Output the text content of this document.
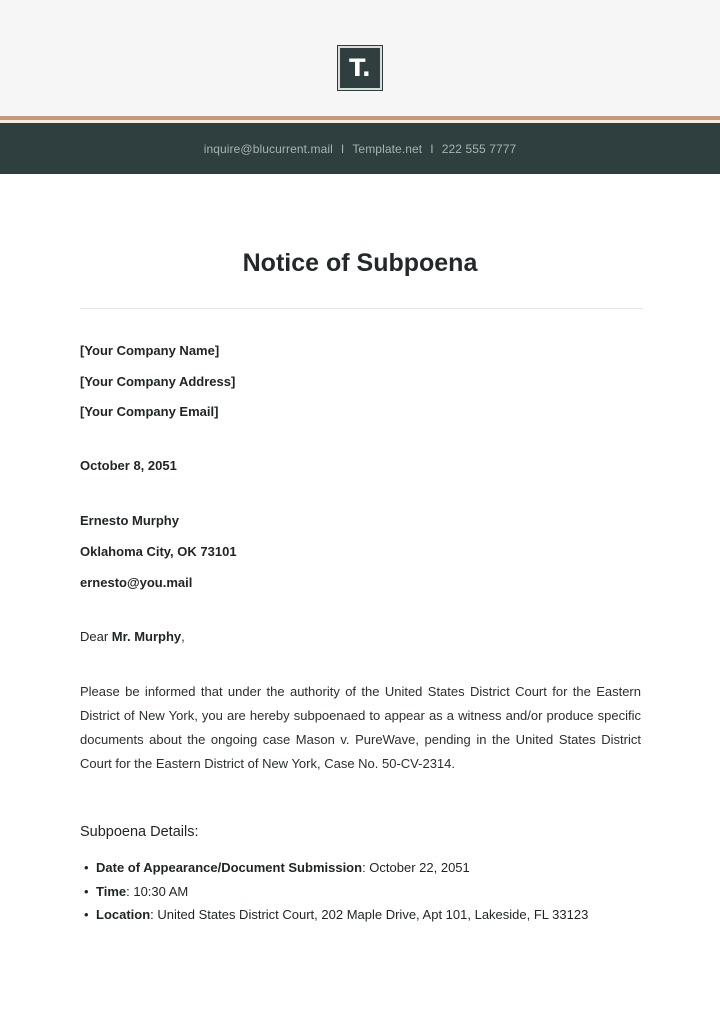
T.
inquire@blucurrent.mail I Template.net I 222 555 7777
Notice of Subpoena
[Your Company Name]
[Your Company Address]
[Your Company Email]
October 8, 2051
Ernesto Murphy
Oklahoma City, OK 73101
ernesto@you.mail
Dear Mr. Murphy,
Please be informed that under the authority of the United States District Court for the Eastern District of New York, you are hereby subpoenaed to appear as a witness and/or produce specific documents about the ongoing case Mason v. PureWave, pending in the United States District Court for the Eastern District of New York, Case No. 50-CV-2314.
Subpoena Details:
• Date of Appearance/Document Submission: October 22, 2051
• Time: 10:30 AM
• Location: United States District Court, 202 Maple Drive, Apt 101, Lakeside, FL 33123
